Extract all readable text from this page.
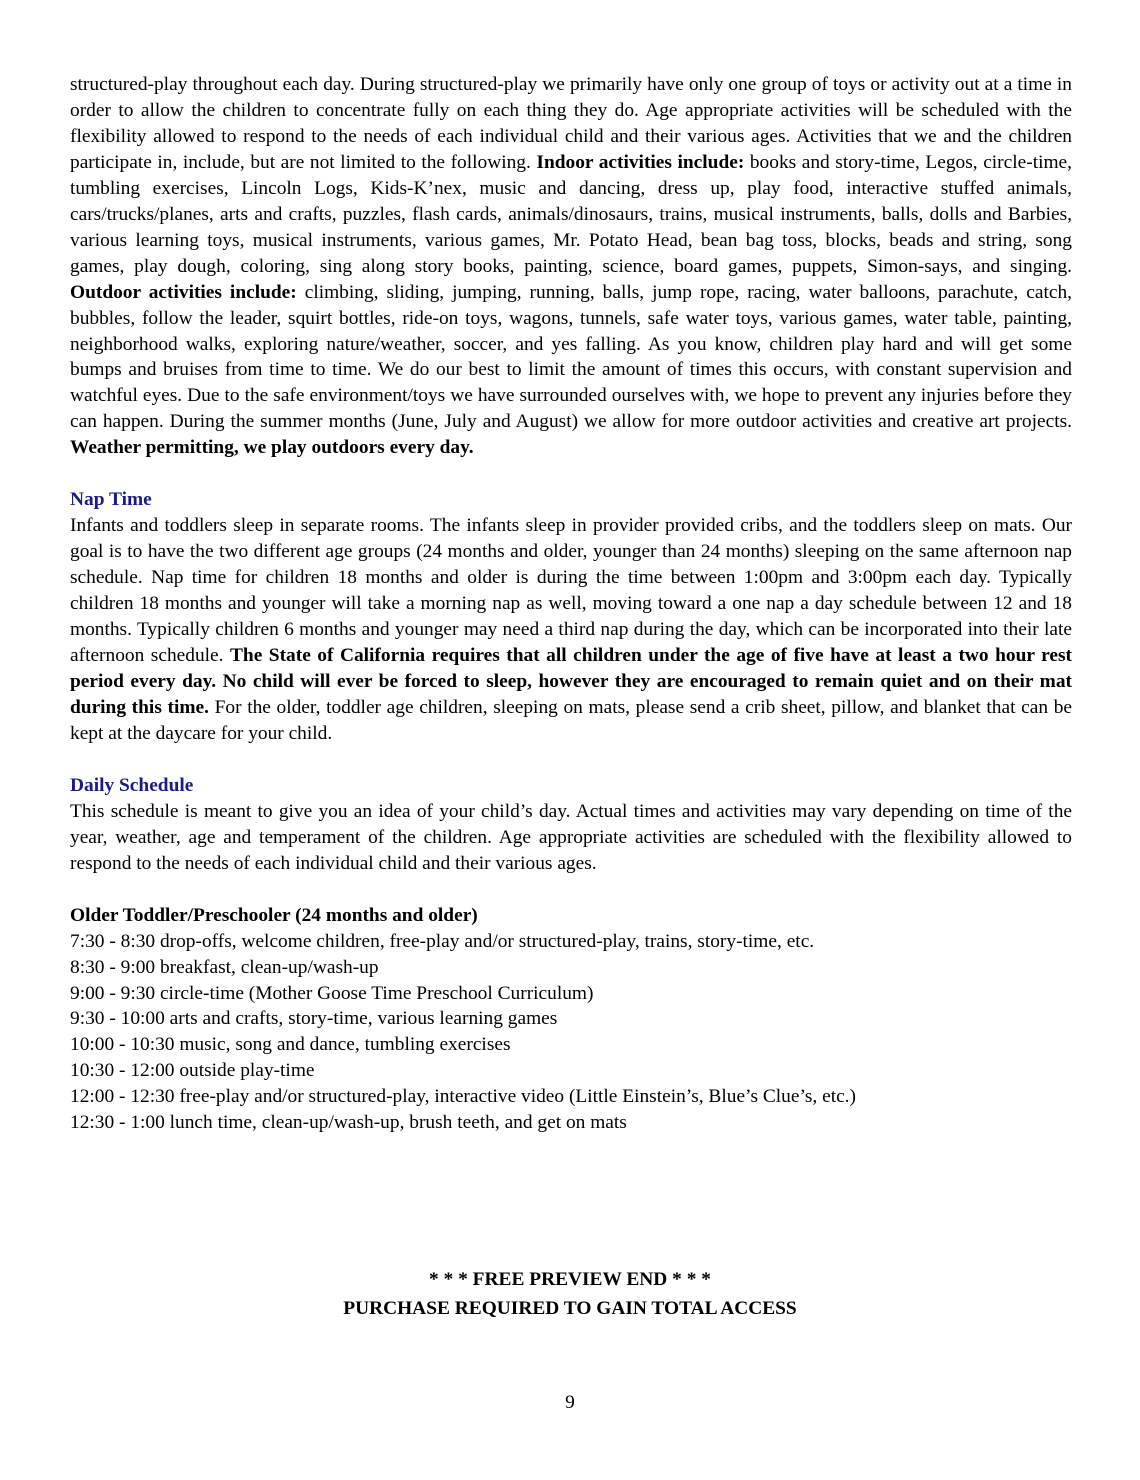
structured-play throughout each day. During structured-play we primarily have only one group of toys or activity out at a time in order to allow the children to concentrate fully on each thing they do. Age appropriate activities will be scheduled with the flexibility allowed to respond to the needs of each individual child and their various ages. Activities that we and the children participate in, include, but are not limited to the following. Indoor activities include: books and story-time, Legos, circle-time, tumbling exercises, Lincoln Logs, Kids-K’nex, music and dancing, dress up, play food, interactive stuffed animals, cars/trucks/planes, arts and crafts, puzzles, flash cards, animals/dinosaurs, trains, musical instruments, balls, dolls and Barbies, various learning toys, musical instruments, various games, Mr. Potato Head, bean bag toss, blocks, beads and string, song games, play dough, coloring, sing along story books, painting, science, board games, puppets, Simon-says, and singing. Outdoor activities include: climbing, sliding, jumping, running, balls, jump rope, racing, water balloons, parachute, catch, bubbles, follow the leader, squirt bottles, ride-on toys, wagons, tunnels, safe water toys, various games, water table, painting, neighborhood walks, exploring nature/weather, soccer, and yes falling. As you know, children play hard and will get some bumps and bruises from time to time. We do our best to limit the amount of times this occurs, with constant supervision and watchful eyes. Due to the safe environment/toys we have surrounded ourselves with, we hope to prevent any injuries before they can happen. During the summer months (June, July and August) we allow for more outdoor activities and creative art projects. Weather permitting, we play outdoors every day.

Nap Time

Infants and toddlers sleep in separate rooms. The infants sleep in provider provided cribs, and the toddlers sleep on mats. Our goal is to have the two different age groups (24 months and older, younger than 24 months) sleeping on the same afternoon nap schedule. Nap time for children 18 months and older is during the time between 1:00pm and 3:00pm each day. Typically children 18 months and younger will take a morning nap as well, moving toward a one nap a day schedule between 12 and 18 months. Typically children 6 months and younger may need a third nap during the day, which can be incorporated into their late afternoon schedule. The State of California requires that all children under the age of five have at least a two hour rest period every day. No child will ever be forced to sleep, however they are encouraged to remain quiet and on their mat during this time. For the older, toddler age children, sleeping on mats, please send a crib sheet, pillow, and blanket that can be kept at the daycare for your child.

Daily Schedule

This schedule is meant to give you an idea of your child’s day. Actual times and activities may vary depending on time of the year, weather, age and temperament of the children. Age appropriate activities are scheduled with the flexibility allowed to respond to the needs of each individual child and their various ages.

Older Toddler/Preschooler (24 months and older)

7:30 - 8:30 drop-offs, welcome children, free-play and/or structured-play, trains, story-time, etc.

8:30 - 9:00 breakfast, clean-up/wash-up

9:00 - 9:30 circle-time (Mother Goose Time Preschool Curriculum)

9:30 - 10:00 arts and crafts, story-time, various learning games

10:00 - 10:30 music, song and dance, tumbling exercises

10:30 - 12:00 outside play-time

12:00 - 12:30 free-play and/or structured-play, interactive video (Little Einstein’s, Blue’s Clue’s, etc.)

12:30 - 1:00 lunch time, clean-up/wash-up, brush teeth, and get on mats

* * * FREE PREVIEW END * * *
PURCHASE REQUIRED TO GAIN TOTAL ACCESS
9
